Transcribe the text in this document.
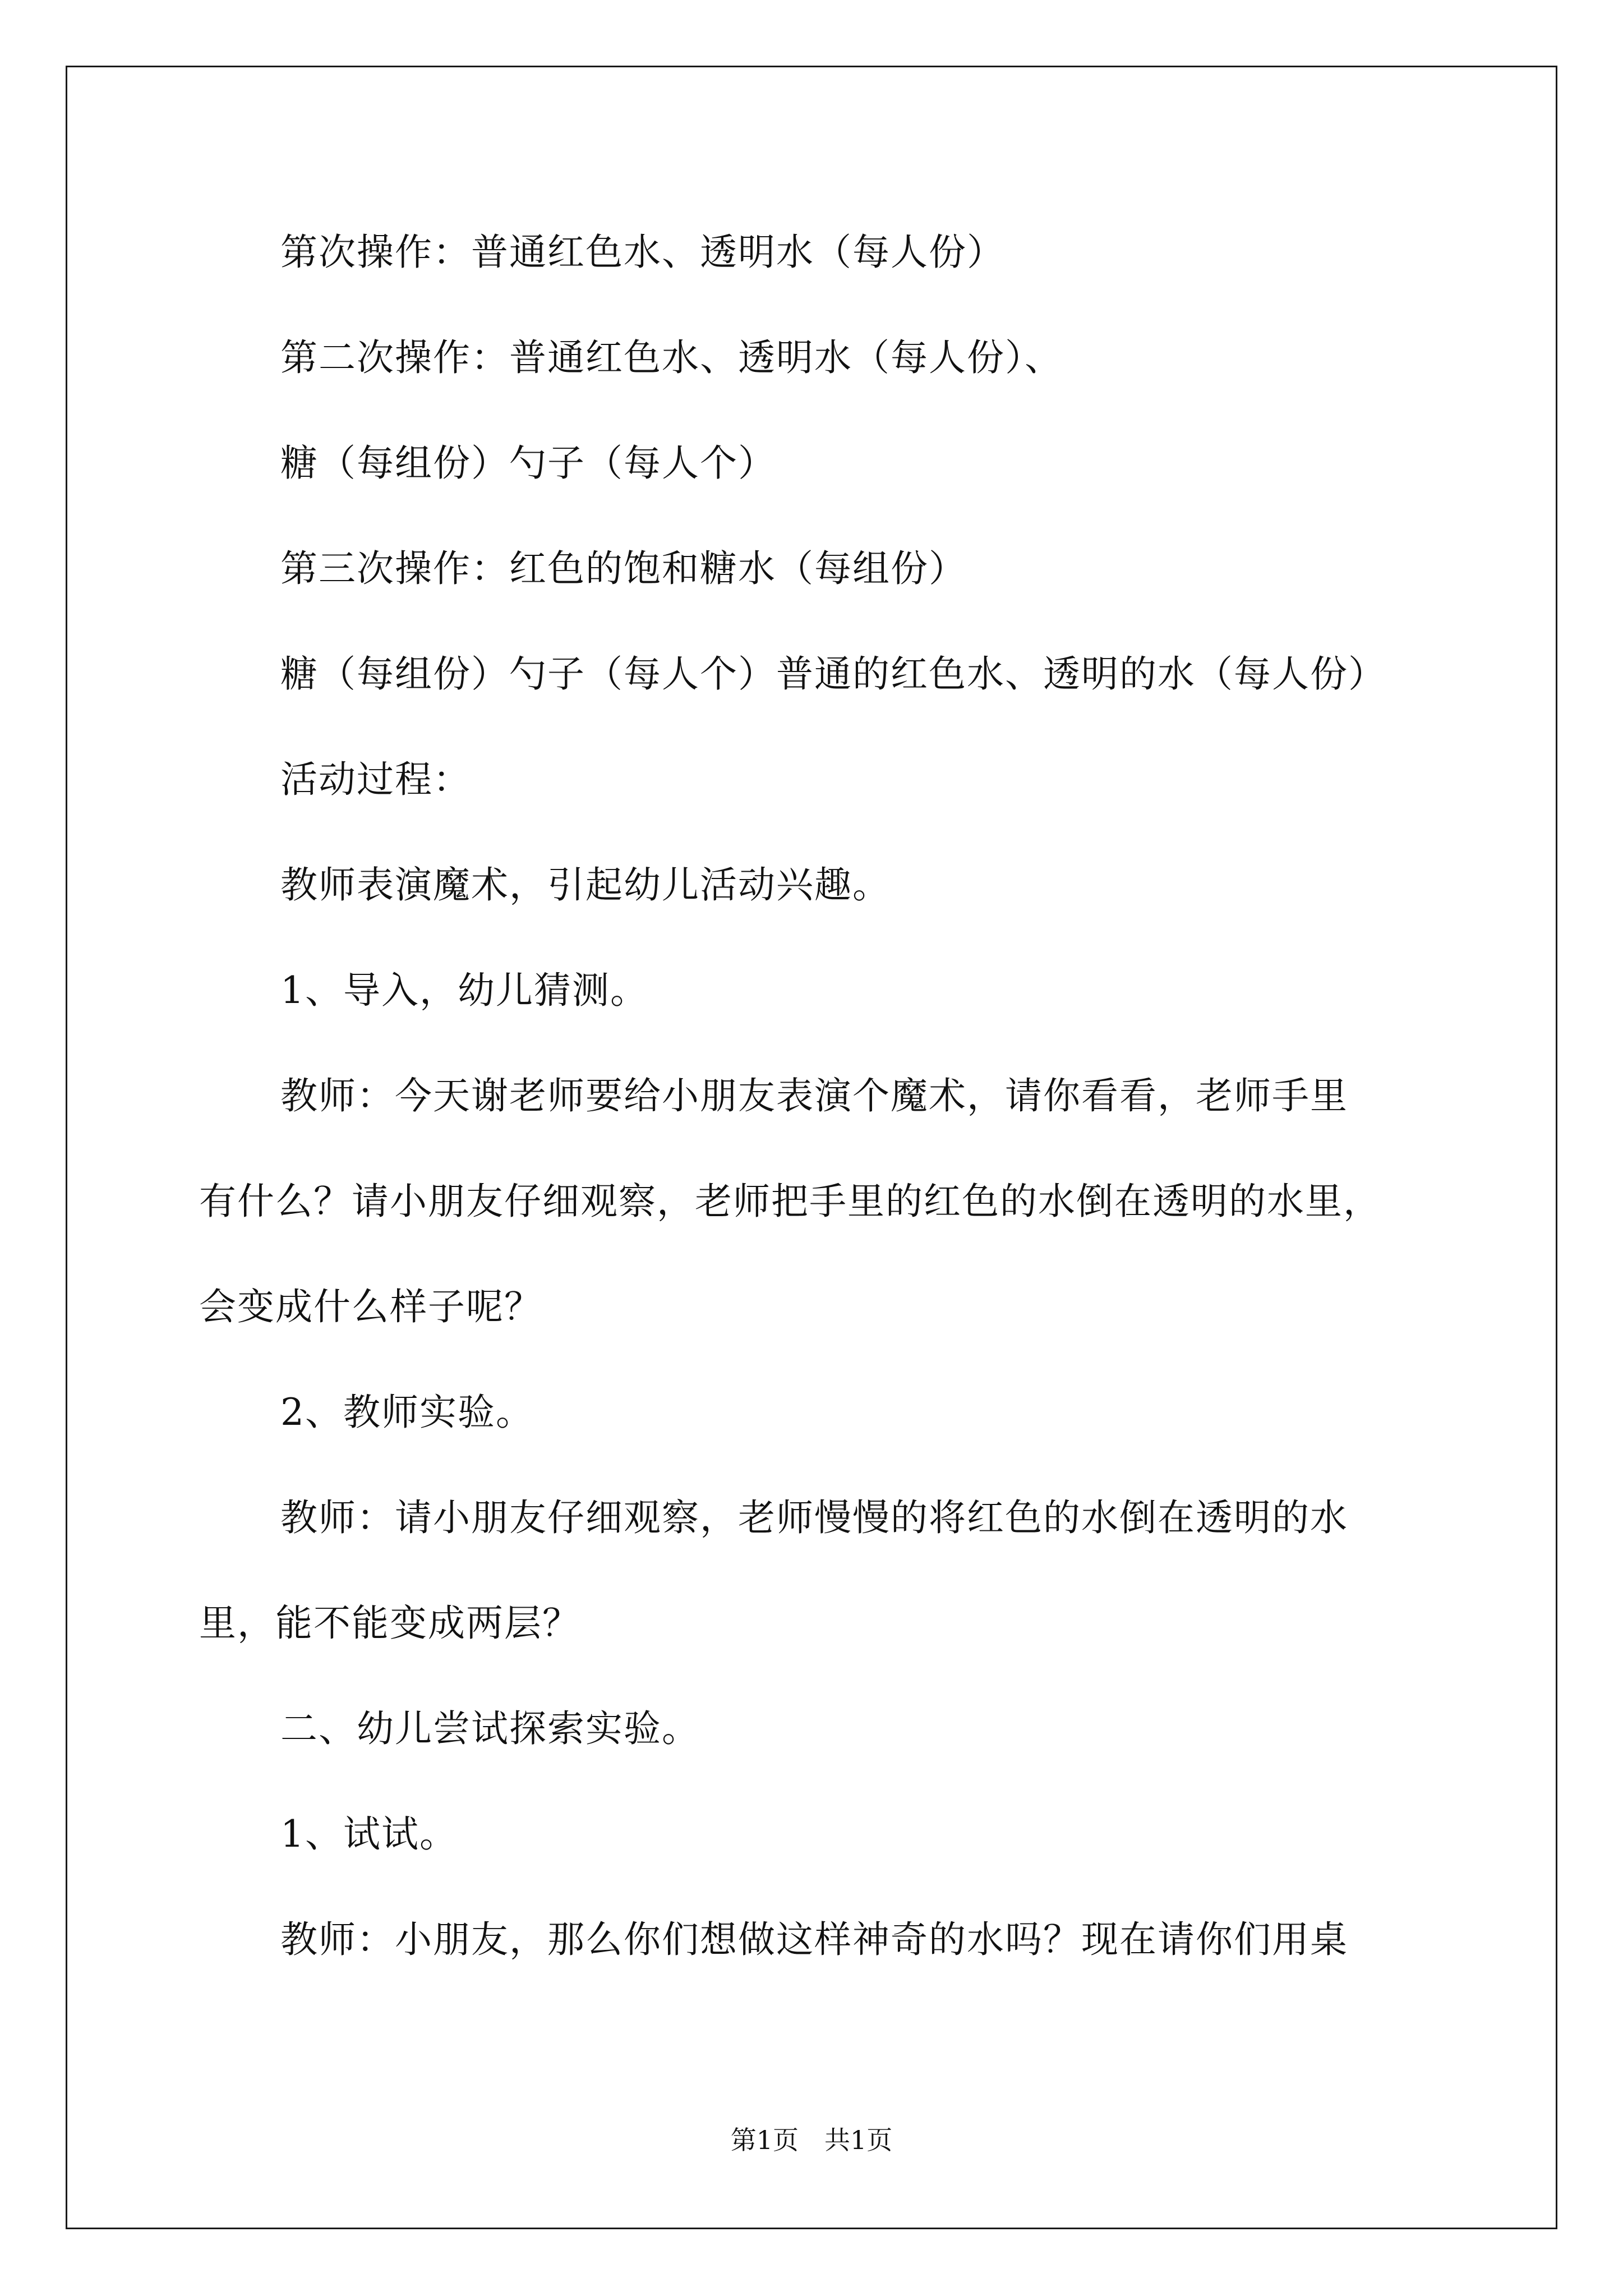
第次操作：普通红色水、透明水（每人份）

第二次操作：普通红色水、透明水（每人份）、

糖（每组份）勺子（每人个）

第三次操作：红色的饱和糖水（每组份）

糖（每组份）勺子（每人个）普通的红色水、透明的水（每人份）

活动过程：

教师表演魔术，引起幼儿活动兴趣。

1、导入，幼儿猜测。

教师：今天谢老师要给小朋友表演个魔术，请你看看，老师手里

有什么？请小朋友仔细观察，老师把手里的红色的水倒在透明的水里，

会变成什么样子呢？

2、教师实验。

教师：请小朋友仔细观察，老师慢慢的将红色的水倒在透明的水

里，能不能变成两层？

二、幼儿尝试探索实验。

1、试试。

教师：小朋友，那么你们想做这样神奇的水吗？现在请你们用桌

第1页　共1页
